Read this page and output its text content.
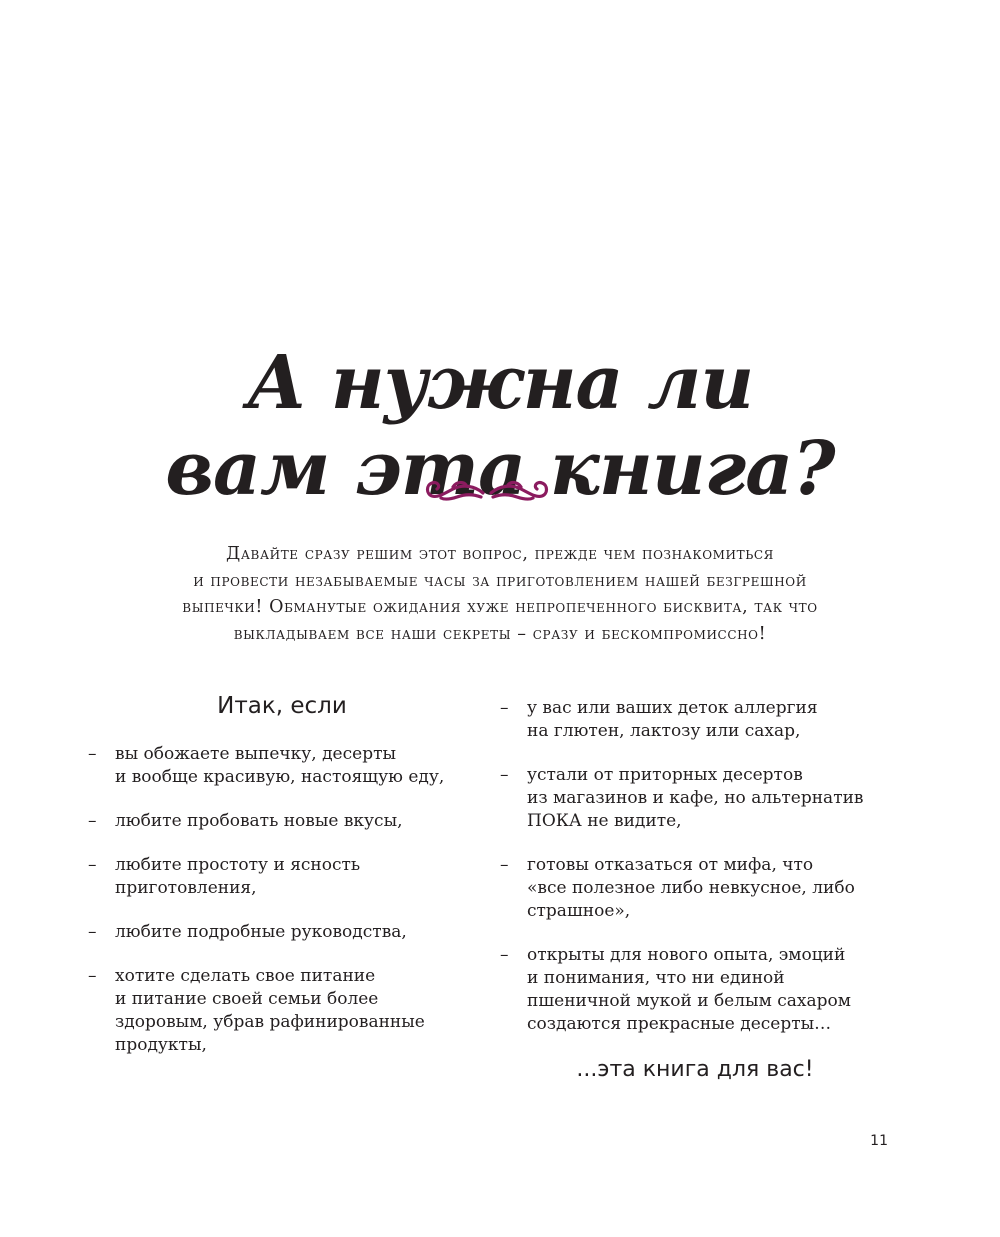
А нужна ли
вам эта книга?
Давайте сразу решим этот вопрос, прежде чем познакомиться
и провести незабываемые часы за приготовлением нашей безгрешной
выпечки! Обманутые ожидания хуже непропеченного бисквита, так что
выкладываем все наши секреты – сразу и бескомпромиссно!
Итак, если
– вы обожаете выпечку, десерты
и вообще красивую, настоящую еду,
– любите пробовать новые вкусы,
– любите простоту и ясность
приготовления,
– любите подробные руководства,
– хотите сделать свое питание
и питание своей семьи более
здоровым, убрав рафинированные
продукты,
– у вас или ваших деток аллергия
на глютен, лактозу или сахар,
– устали от приторных десертов
из магазинов и кафе, но альтернатив
ПОКА не видите,
– готовы отказаться от мифа, что
«все полезное либо невкусное, либо
страшное»,
– открыты для нового опыта, эмоций
и понимания, что ни единой
пшеничной мукой и белым сахаром
создаются прекрасные десерты…
...эта книга для вас!
11
